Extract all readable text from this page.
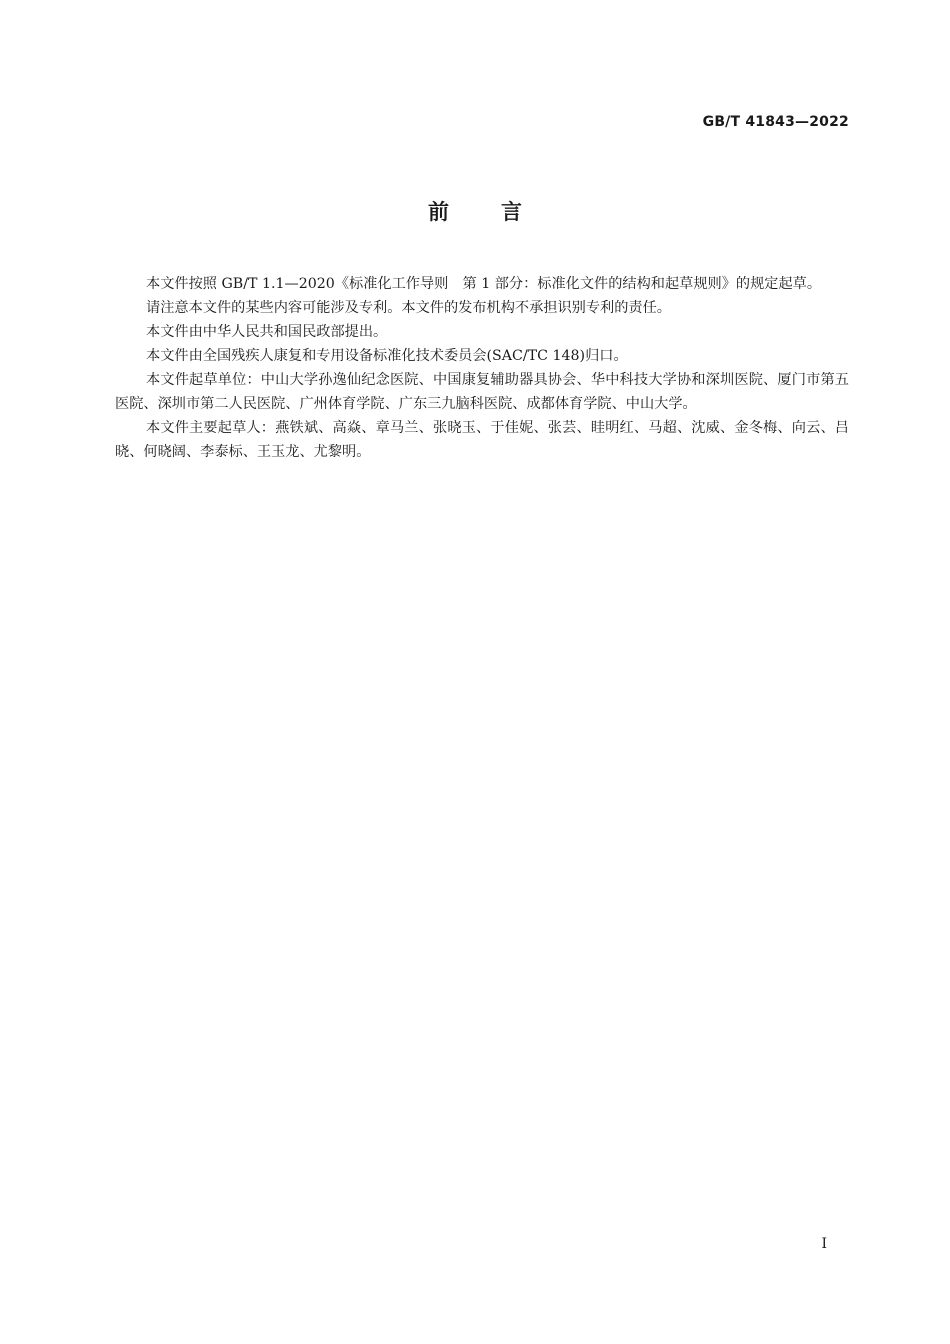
GB/T 41843—2022
前 言

本文件按照 GB/T 1.1—2020《标准化工作导则　第 1 部分：标准化文件的结构和起草规则》的规定起草。

请注意本文件的某些内容可能涉及专利。本文件的发布机构不承担识别专利的责任。

本文件由中华人民共和国民政部提出。

本文件由全国残疾人康复和专用设备标准化技术委员会(SAC/TC 148)归口。

本文件起草单位：中山大学孙逸仙纪念医院、中国康复辅助器具协会、华中科技大学协和深圳医院、厦门市第五医院、深圳市第二人民医院、广州体育学院、广东三九脑科医院、成都体育学院、中山大学。

本文件主要起草人：燕铁斌、高焱、章马兰、张晓玉、于佳妮、张芸、眭明红、马超、沈威、金冬梅、向云、吕晓、何晓阔、李泰标、王玉龙、尤黎明。

I
